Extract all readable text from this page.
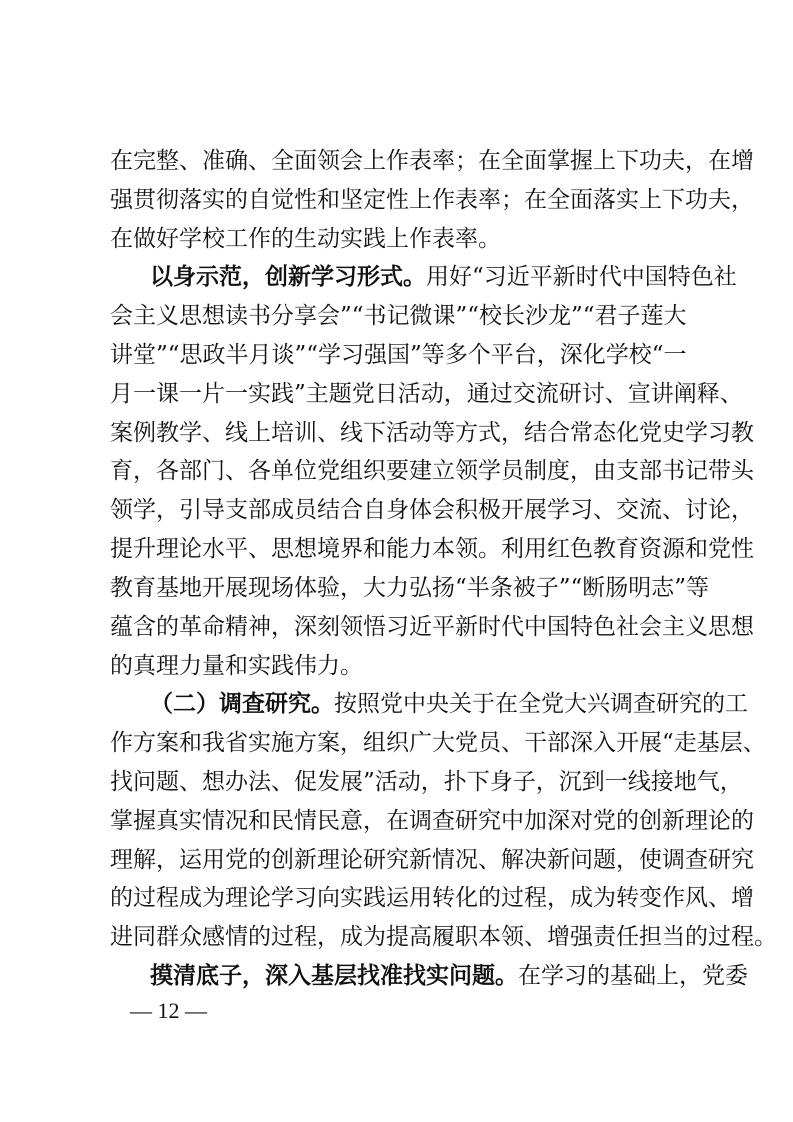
在完整、准确、全面领会上作表率；在全面掌握上下功夫，在增
强贯彻落实的自觉性和坚定性上作表率；在全面落实上下功夫，
在做好学校工作的生动实践上作表率。
以身示范，创新学习形式。用好“习近平新时代中国特色社
会主义思想读书分享会”“书记微课”“校长沙龙”“君子莲大
讲堂”“思政半月谈”“学习强国”等多个平台，深化学校“一
月一课一片一实践”主题党日活动，通过交流研讨、宣讲阐释、
案例教学、线上培训、线下活动等方式，结合常态化党史学习教
育，各部门、各单位党组织要建立领学员制度，由支部书记带头
领学，引导支部成员结合自身体会积极开展学习、交流、讨论，
提升理论水平、思想境界和能力本领。利用红色教育资源和党性
教育基地开展现场体验，大力弘扬“半条被子”“断肠明志”等
蕴含的革命精神，深刻领悟习近平新时代中国特色社会主义思想
的真理力量和实践伟力。
（二）调查研究。按照党中央关于在全党大兴调查研究的工
作方案和我省实施方案，组织广大党员、干部深入开展“走基层、
找问题、想办法、促发展”活动，扑下身子，沉到一线接地气，
掌握真实情况和民情民意，在调查研究中加深对党的创新理论的
理解，运用党的创新理论研究新情况、解决新问题，使调查研究
的过程成为理论学习向实践运用转化的过程，成为转变作风、增
进同群众感情的过程，成为提高履职本领、增强责任担当的过程。
摸清底子，深入基层找准找实问题。在学习的基础上，党委
— 12 —
